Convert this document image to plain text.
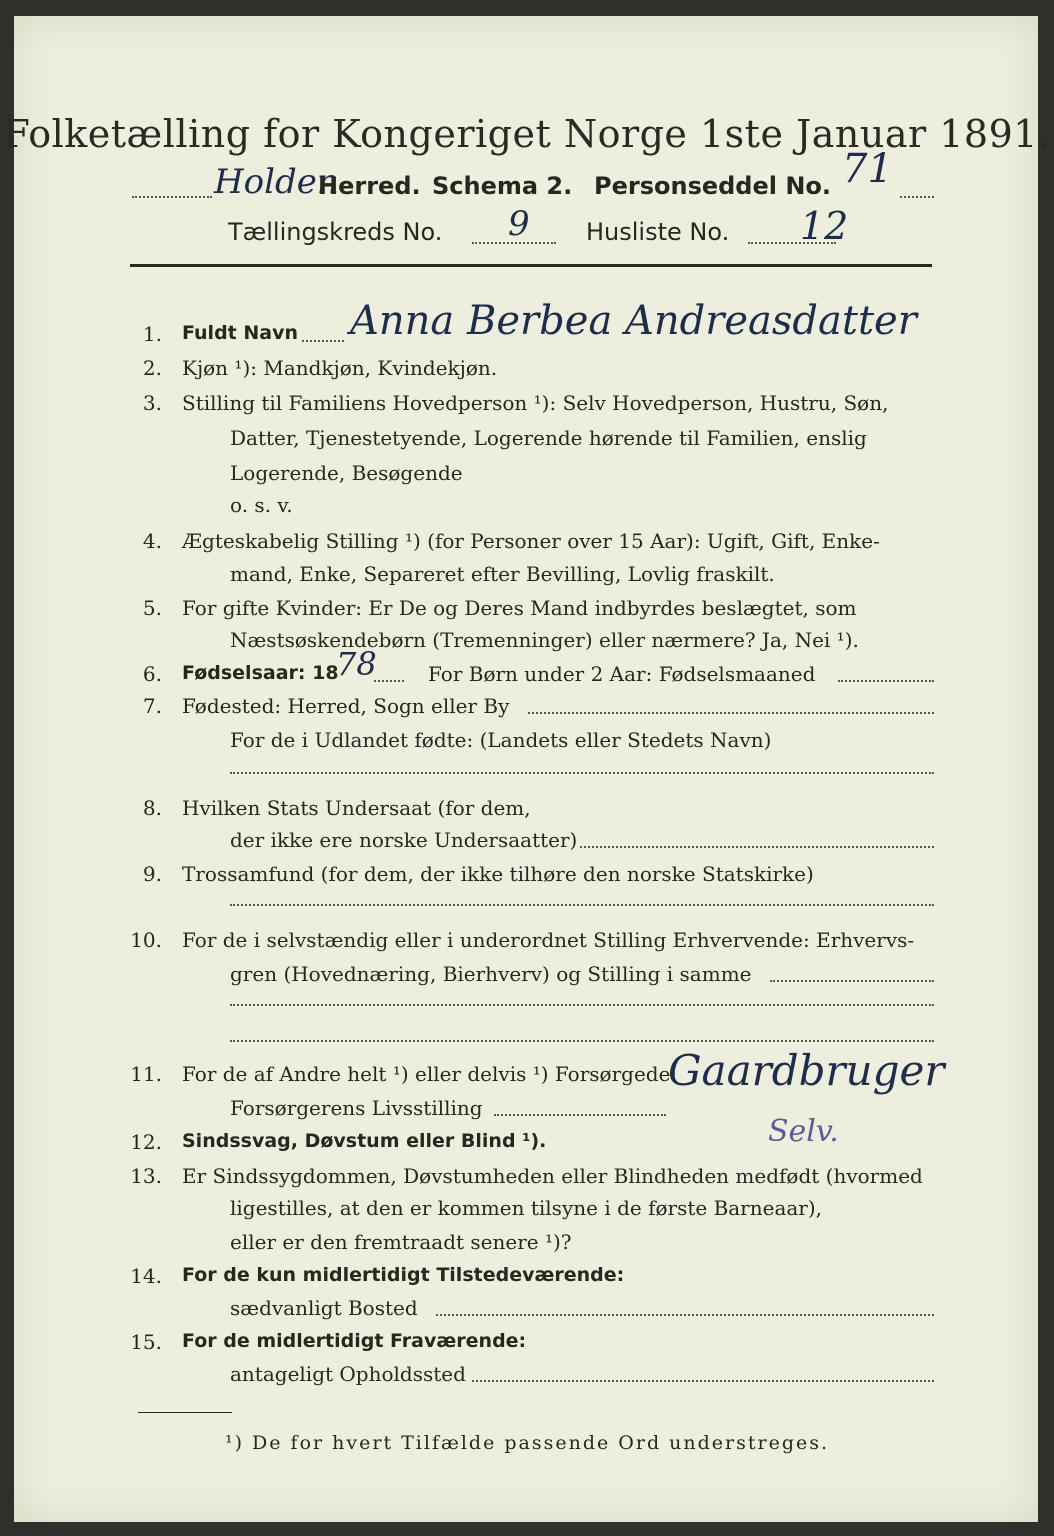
Folketælling for Kongeriget Norge 1ste Januar 1891.
Holden
Herred. Schema 2. Personseddel No. 71
Tællingskreds No. 9 Husliste No. 12
1. Fuldt Navn Anna Berbea Andreasdatter
2. Kjøn ¹): Mandkjøn, Kvindekjøn.
3. Stilling til Familiens Hovedperson ¹): Selv Hovedperson, Hustru, Søn,
Datter, Tjenestetyende, Logerende hørende til Familien, enslig
Logerende, Besøgende
o. s. v.
4. Ægteskabelig Stilling ¹) (for Personer over 15 Aar): Ugift, Gift, Enke-
mand, Enke, Separeret efter Bevilling, Lovlig fraskilt.
5. For gifte Kvinder: Er De og Deres Mand indbyrdes beslægtet, som
Næstsøskendebørn (Tremenninger) eller nærmere? Ja, Nei ¹).
6. Fødselsaar: 18
78	For Børn under 2 Aar: Fødselsmaaned
7. Fødested: Herred, Sogn eller By
For de i Udlandet fødte: (Landets eller Stedets Navn)
8. Hvilken Stats Undersaat (for dem,
der ikke ere norske Undersaatter)
9. Trossamfund (for dem, der ikke tilhøre den norske Statskirke)
10. For de i selvstændig eller i underordnet Stilling Erhvervende: Erhvervs-
gren (Hovednæring, Bierhverv) og Stilling i samme
11. For de af Andre helt ¹) eller delvis ¹) Forsørgede:
Forsørgerens Livsstilling
Gaardbruger
12. Sindssvag, Døvstum eller Blind ¹).	Selv.
13. Er Sindssygdommen, Døvstumheden eller Blindheden medfødt (hvormed
ligestilles, at den er kommen tilsyne i de første Barneaar),
eller er den fremtraadt senere ¹)?
14. For de kun midlertidigt Tilstedeværende:
sædvanligt Bosted
15. For de midlertidigt Fraværende:
antageligt Opholdssted
¹) De for hvert Tilfælde passende Ord understreges.
